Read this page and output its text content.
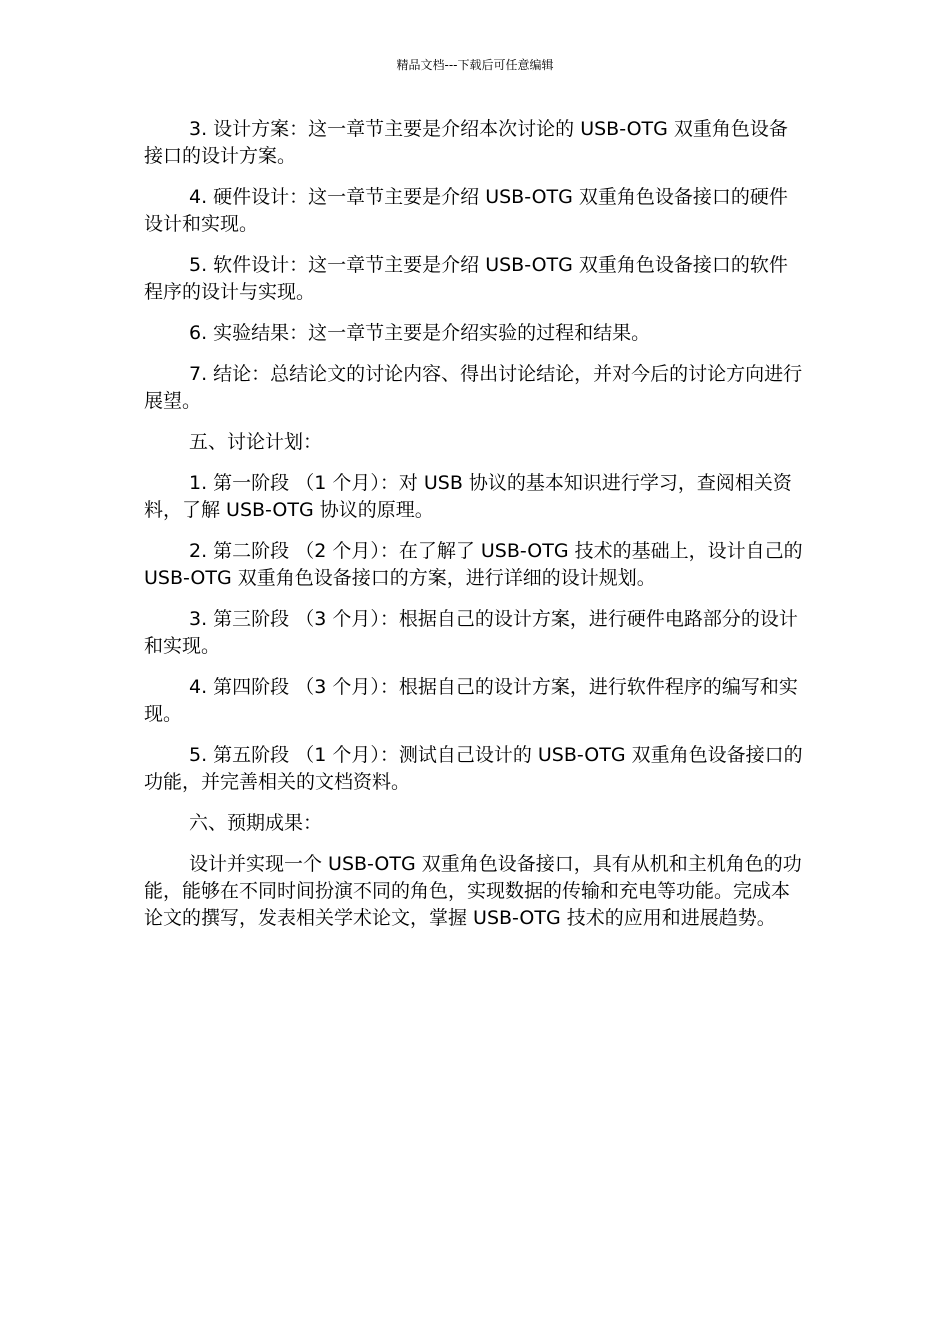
精品文档---下载后可任意编辑

3. 设计方案：这一章节主要是介绍本次讨论的 USB-OTG 双重角色设备接口的设计方案。

4. 硬件设计：这一章节主要是介绍 USB-OTG 双重角色设备接口的硬件设计和实现。

5. 软件设计：这一章节主要是介绍 USB-OTG 双重角色设备接口的软件程序的设计与实现。

6. 实验结果：这一章节主要是介绍实验的过程和结果。

7. 结论：总结论文的讨论内容、得出讨论结论，并对今后的讨论方向进行展望。

五、讨论计划：

1. 第一阶段 （1 个月）：对 USB 协议的基本知识进行学习，查阅相关资料，了解 USB-OTG 协议的原理。

2. 第二阶段 （2 个月）：在了解了 USB-OTG 技术的基础上，设计自己的 USB-OTG 双重角色设备接口的方案，进行详细的设计规划。

3. 第三阶段 （3 个月）：根据自己的设计方案，进行硬件电路部分的设计和实现。

4. 第四阶段 （3 个月）：根据自己的设计方案，进行软件程序的编写和实现。

5. 第五阶段 （1 个月）：测试自己设计的 USB-OTG 双重角色设备接口的功能，并完善相关的文档资料。

六、预期成果：

设计并实现一个 USB-OTG 双重角色设备接口，具有从机和主机角色的功能，能够在不同时间扮演不同的角色，实现数据的传输和充电等功能。完成本论文的撰写，发表相关学术论文，掌握 USB-OTG 技术的应用和进展趋势。
